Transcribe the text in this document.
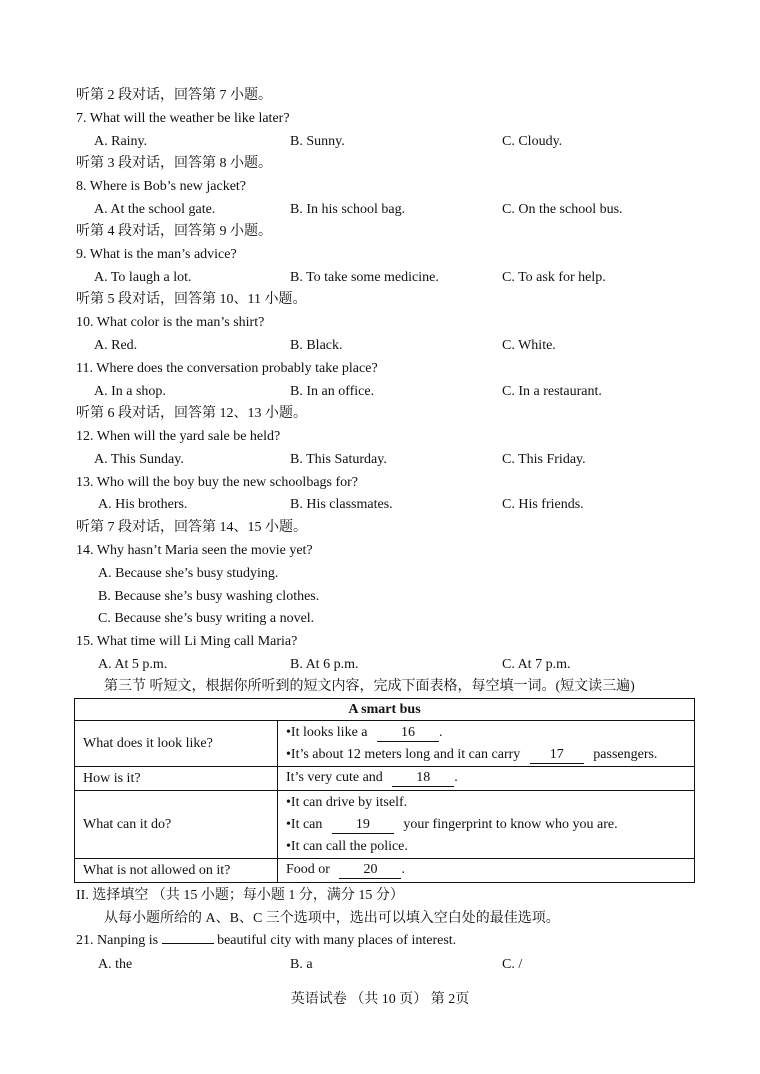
听第 2 段对话，回答第 7 小题。
7. What will the weather be like later?
A. Rainy.	B. Sunny.	C. Cloudy.
听第 3 段对话，回答第 8 小题。
8. Where is Bob’s new jacket?
A. At the school gate.	B. In his school bag.	C. On the school bus.
听第 4 段对话，回答第 9 小题。
9. What is the man’s advice?
A. To laugh a lot.	B. To take some medicine.	C. To ask for help.
听第 5 段对话，回答第 10、11 小题。
10. What color is the man’s shirt?
A. Red.	B. Black.	C. White.
11. Where does the conversation probably take place?
A. In a shop.	B. In an office.	C. In a restaurant.
听第 6 段对话，回答第 12、13 小题。
12. When will the yard sale be held?
A. This Sunday.	B. This Saturday.	C. This Friday.
13. Who will the boy buy the new schoolbags for?
A. His brothers.	B. His classmates.	C. His friends.
听第 7 段对话，回答第 14、15 小题。
14. Why hasn’t Maria seen the movie yet?
A. Because she’s busy studying.
B. Because she’s busy washing clothes.
C. Because she’s busy writing a novel.
15. What time will Li Ming call Maria?
A. At 5 p.m.	B. At 6 p.m.	C. At 7 p.m.
第三节 听短文，根据你所听到的短文内容，完成下面表格，每空填一词。(短文读三遍)
A smart bus	
What does it look like?	•It looks like a 16 .
•It’s about 12 meters long and it can carry 17 passengers.

How is it?	It’s very cute and 18 .
What can it do?	•It can drive by itself.
•It can 19 your fingerprint to know who you are.
•It can call the police.

What is not allowed on it?	Food or 20 .
II. 选择填空 （共 15 小题；每小题 1 分，满分 15 分）
从每小题所给的 A、B、C 三个选项中，选出可以填入空白处的最佳选项。
21. Nanping is	beautiful city with many places of interest.
A. the	B. a	C. /
英语试卷 （共 10 页） 第 2页
